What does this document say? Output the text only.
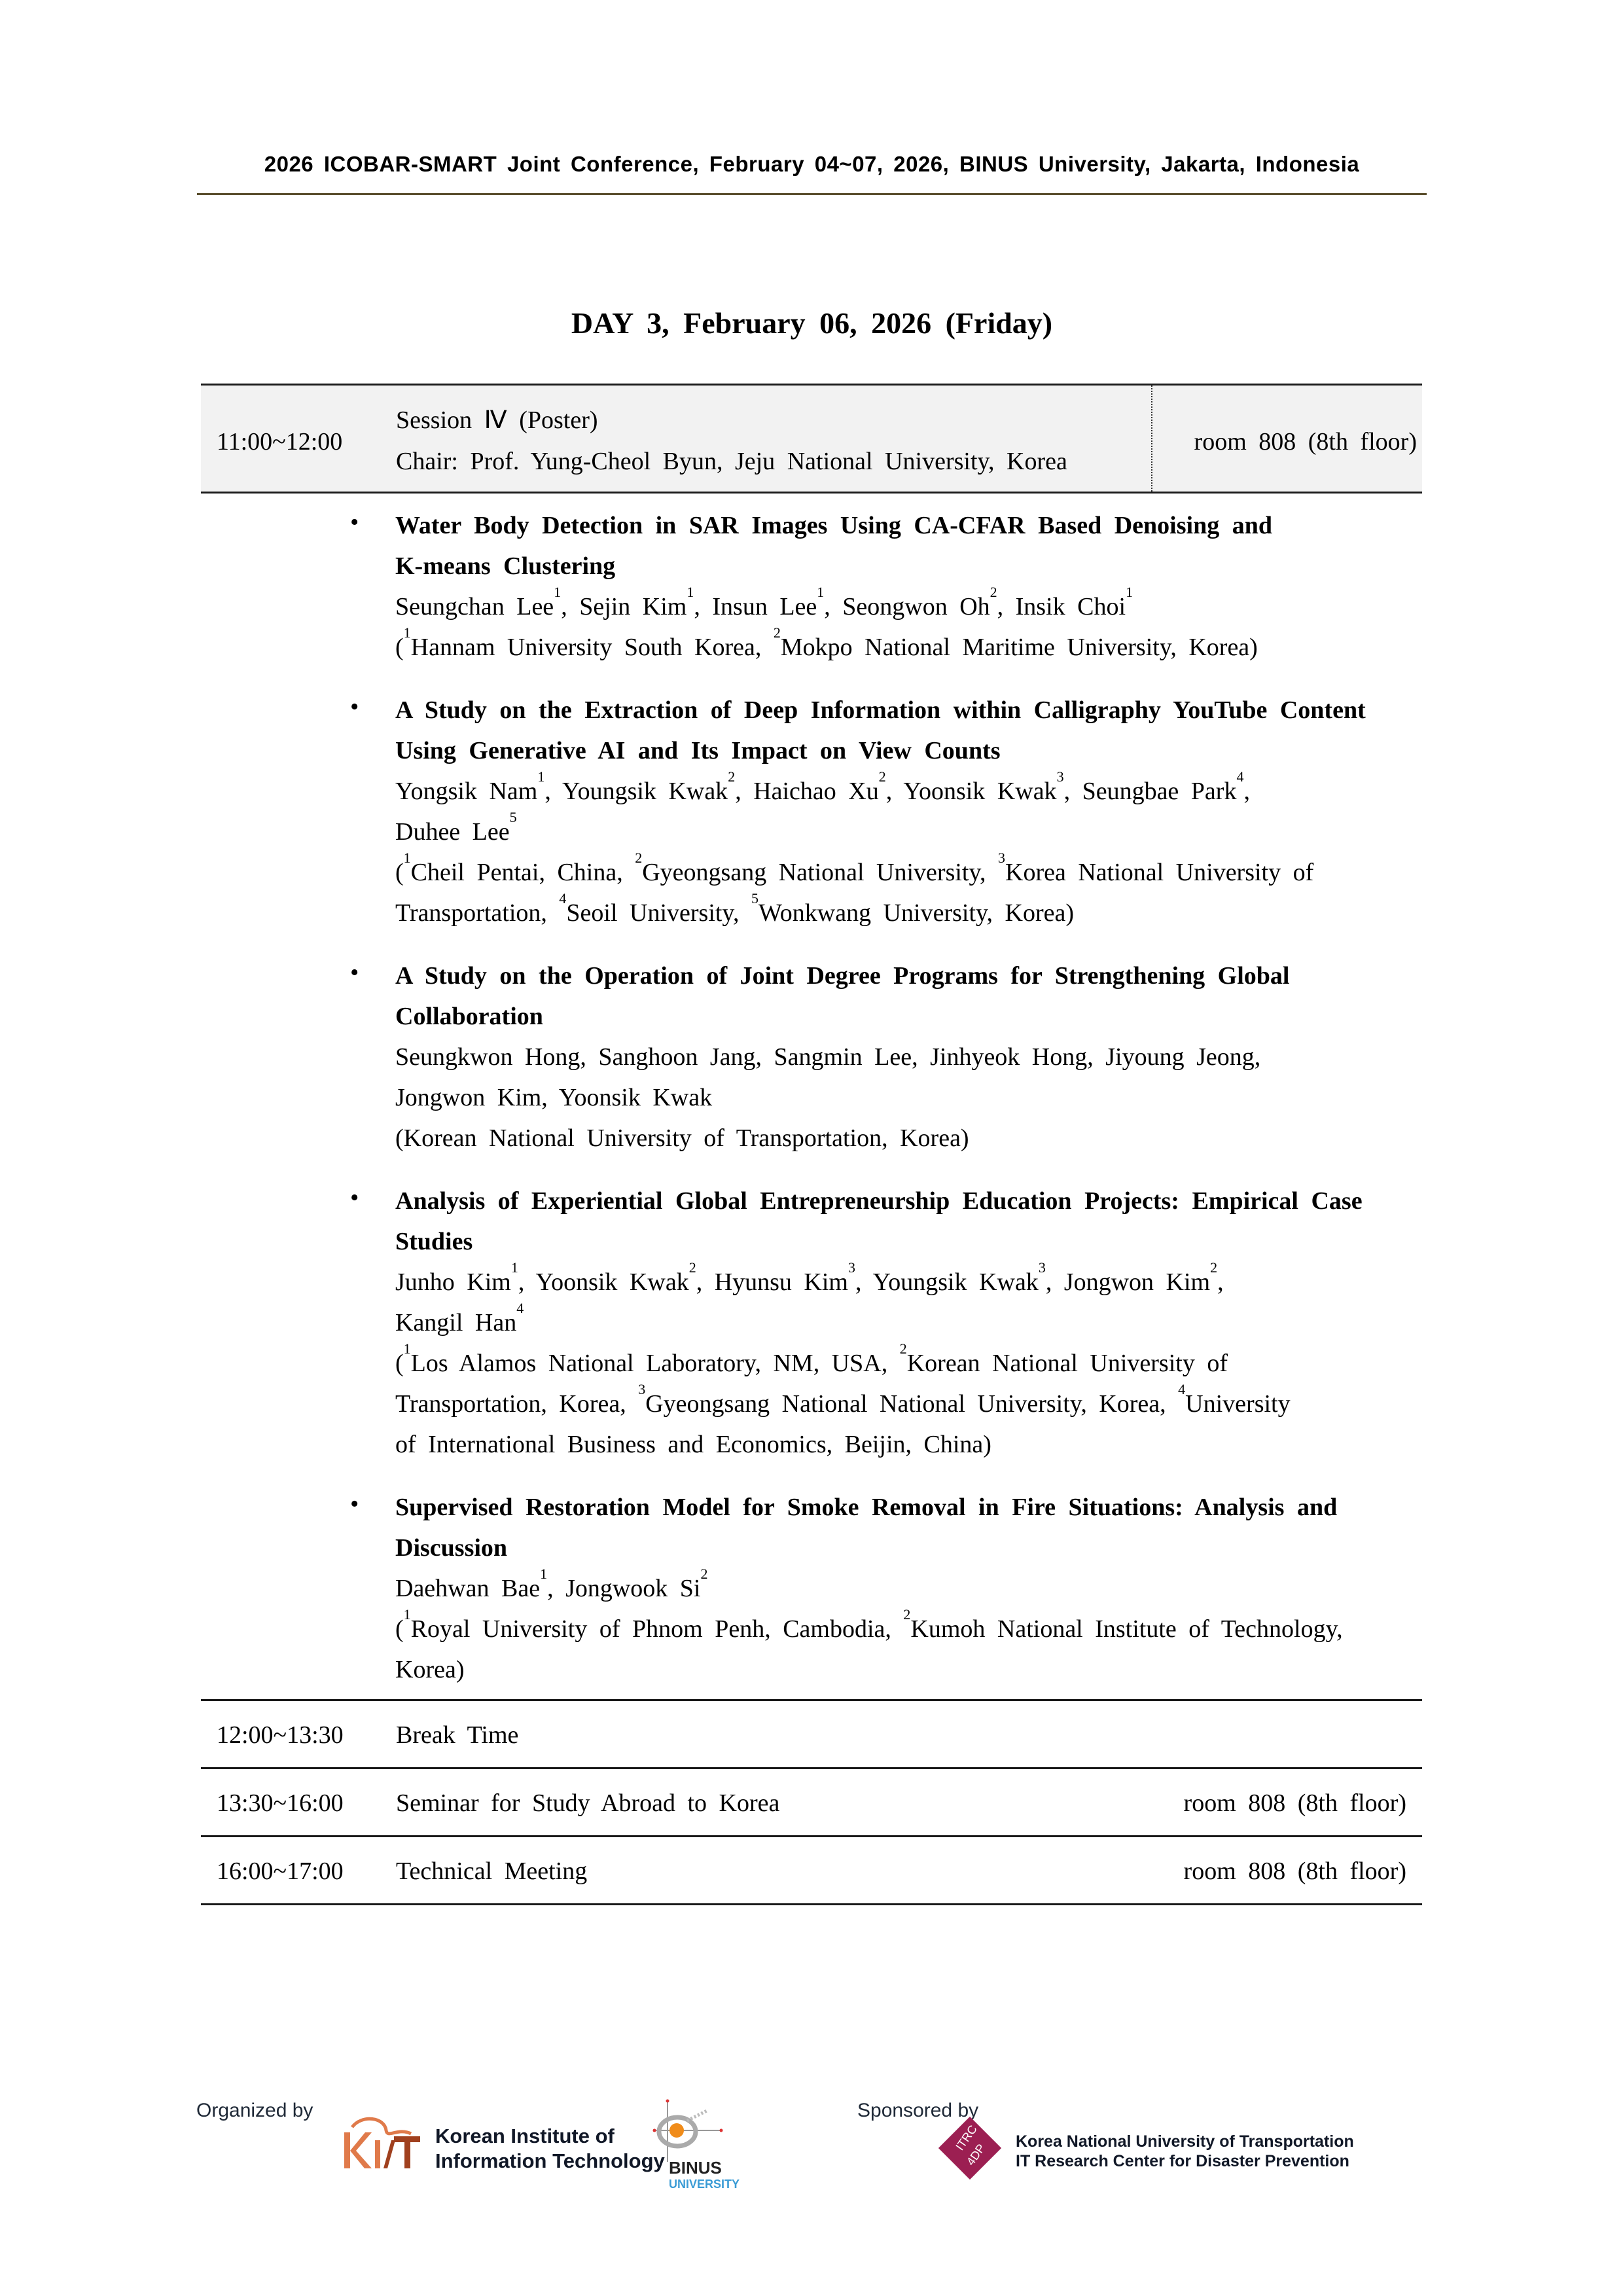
2026 ICOBAR-SMART Joint Conference, February 04~07, 2026, BINUS University, Jakarta, Indonesia
DAY 3, February 06, 2026 (Friday)
11:00~12:00
Session Ⅳ (Poster)
Chair: Prof. Yung-Cheol Byun, Jeju National University, Korea
room 808 (8th floor)
• Water Body Detection in SAR Images Using CA-CFAR Based Denoising and
K-means Clustering
Seungchan Lee$^1$, Sejin Kim$^1$, Insun Lee$^1$, Seongwon Oh$^2$, Insik Choi$^1$
($^1$Hannam University South Korea, $^2$Mokpo National Maritime University, Korea)
• A Study on the Extraction of Deep Information within Calligraphy YouTube Content
Using Generative AI and Its Impact on View Counts
Yongsik Nam$^1$, Youngsik Kwak$^2$, Haichao Xu$^2$, Yoonsik Kwak$^3$, Seungbae Park$^4$,
Duhee Lee$^5$
($^1$Cheil Pentai, China, $^2$Gyeongsang National University, $^3$Korea National University of
Transportation, $^4$Seoil University, $^5$Wonkwang University, Korea)
• A Study on the Operation of Joint Degree Programs for Strengthening Global
Collaboration
Seungkwon Hong, Sanghoon Jang, Sangmin Lee, Jinhyeok Hong, Jiyoung Jeong,
Jongwon Kim, Yoonsik Kwak
(Korean National University of Transportation, Korea)
• Analysis of Experiential Global Entrepreneurship Education Projects: Empirical Case
Studies
Junho Kim$^1$, Yoonsik Kwak$^2$, Hyunsu Kim$^3$, Youngsik Kwak$^3$, Jongwon Kim$^2$,
Kangil Han$^4$
($^1$Los Alamos National Laboratory, NM, USA, $^2$Korean National University of
Transportation, Korea, $^3$Gyeongsang National National University, Korea, $^4$University
of International Business and Economics, Beijin, China)
• Supervised Restoration Model for Smoke Removal in Fire Situations: Analysis and
Discussion
Daehwan Bae$^1$, Jongwook Si$^2$
($^1$Royal University of Phnom Penh, Cambodia, $^2$Kumoh National Institute of Technology,
Korea)
12:00~13:30 Break Time
13:30~16:00 Seminar for Study Abroad to Korea	room 808 (8th floor)
16:00~17:00 Technical Meeting	room 808 (8th floor)
Organized by
Korean Institute of
Information Technology BINUS
UNIVERSITY
Sponsored by
ITRC
4DP
Korea National University of Transportation
IT Research Center for Disaster Prevention
